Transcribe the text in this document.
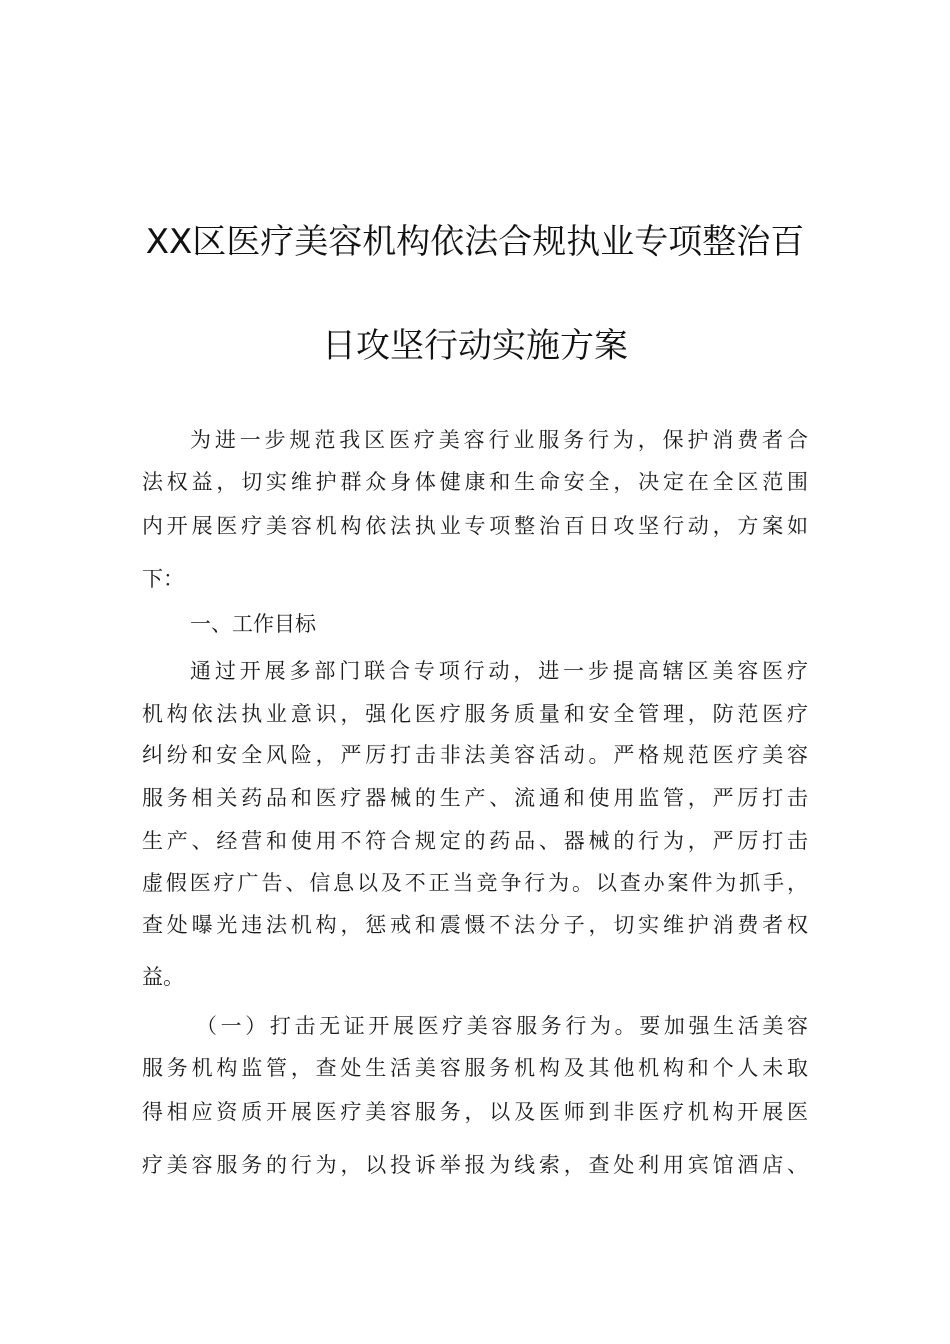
XX区医疗美容机构依法合规执业专项整治百
日攻坚行动实施方案
为进一步规范我区医疗美容行业服务行为，保护消费者合
法权益，切实维护群众身体健康和生命安全，决定在全区范围
内开展医疗美容机构依法执业专项整治百日攻坚行动，方案如
下：
一、工作目标
通过开展多部门联合专项行动，进一步提高辖区美容医疗
机构依法执业意识，强化医疗服务质量和安全管理，防范医疗
纠纷和安全风险，严厉打击非法美容活动。严格规范医疗美容
服务相关药品和医疗器械的生产、流通和使用监管，严厉打击
生产、经营和使用不符合规定的药品、器械的行为，严厉打击
虚假医疗广告、信息以及不正当竞争行为。以查办案件为抓手，
查处曝光违法机构，惩戒和震慑不法分子，切实维护消费者权
益。
（一）打击无证开展医疗美容服务行为。要加强生活美容
服务机构监管，查处生活美容服务机构及其他机构和个人未取
得相应资质开展医疗美容服务，以及医师到非医疗机构开展医
疗美容服务的行为，以投诉举报为线索，查处利用宾馆酒店、
